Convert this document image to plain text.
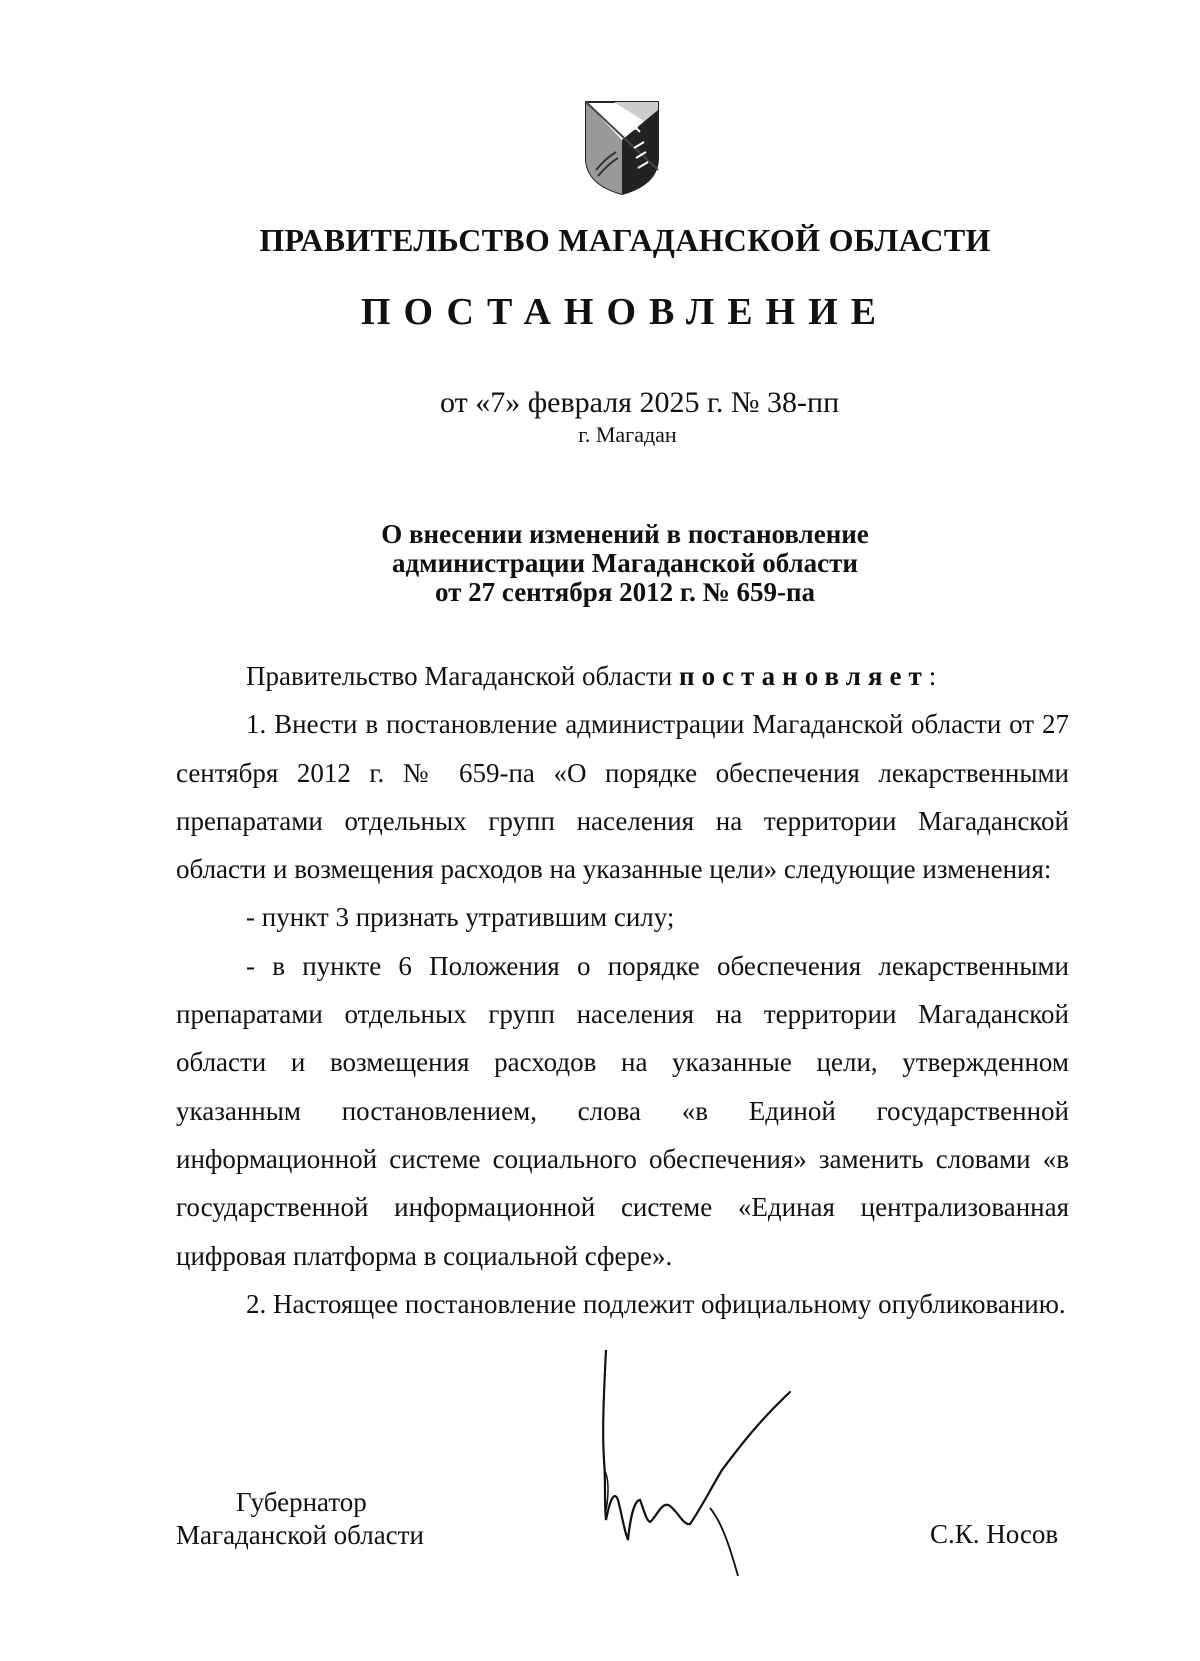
ПРАВИТЕЛЬСТВО МАГАДАНСКОЙ ОБЛАСТИ
ПОСТАНОВЛЕНИЕ
от «7» февраля 2025 г. № 38-пп
г. Магадан
О внесении изменений в постановление
администрации Магаданской области
от 27 сентября 2012 г. № 659-па

Правительство Магаданской области постановляет:

1. Внести в постановление администрации Магаданской области от 27 сентября 2012 г. № 659-па «О порядке обеспечения лекарственными препаратами отдельных групп населения на территории Магаданской области и возмещения расходов на указанные цели» следующие изменения:

- пункт 3 признать утратившим силу;

- в пункте 6 Положения о порядке обеспечения лекарственными препаратами отдельных групп населения на территории Магаданской области и возмещения расходов на указанные цели, утвержденном указанным постановлением, слова «в Единой государственной информационной системе социального обеспечения» заменить словами «в государственной информационной системе «Единая централизованная цифровая платформа в социальной сфере».

2. Настоящее постановление подлежит официальному опубликованию.

Губернатор
Магаданской области	С.К. Носов
